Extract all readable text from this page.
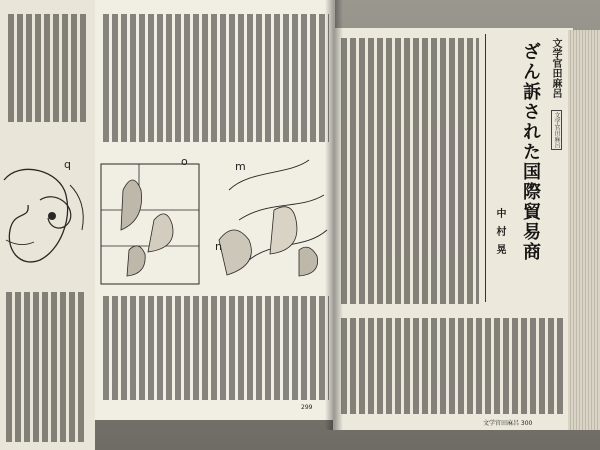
q	o	m
n
299
文学官田麻呂
文学官田麻呂
ざん訴された国際貿易商
中村晃
文学官田麻呂 300
